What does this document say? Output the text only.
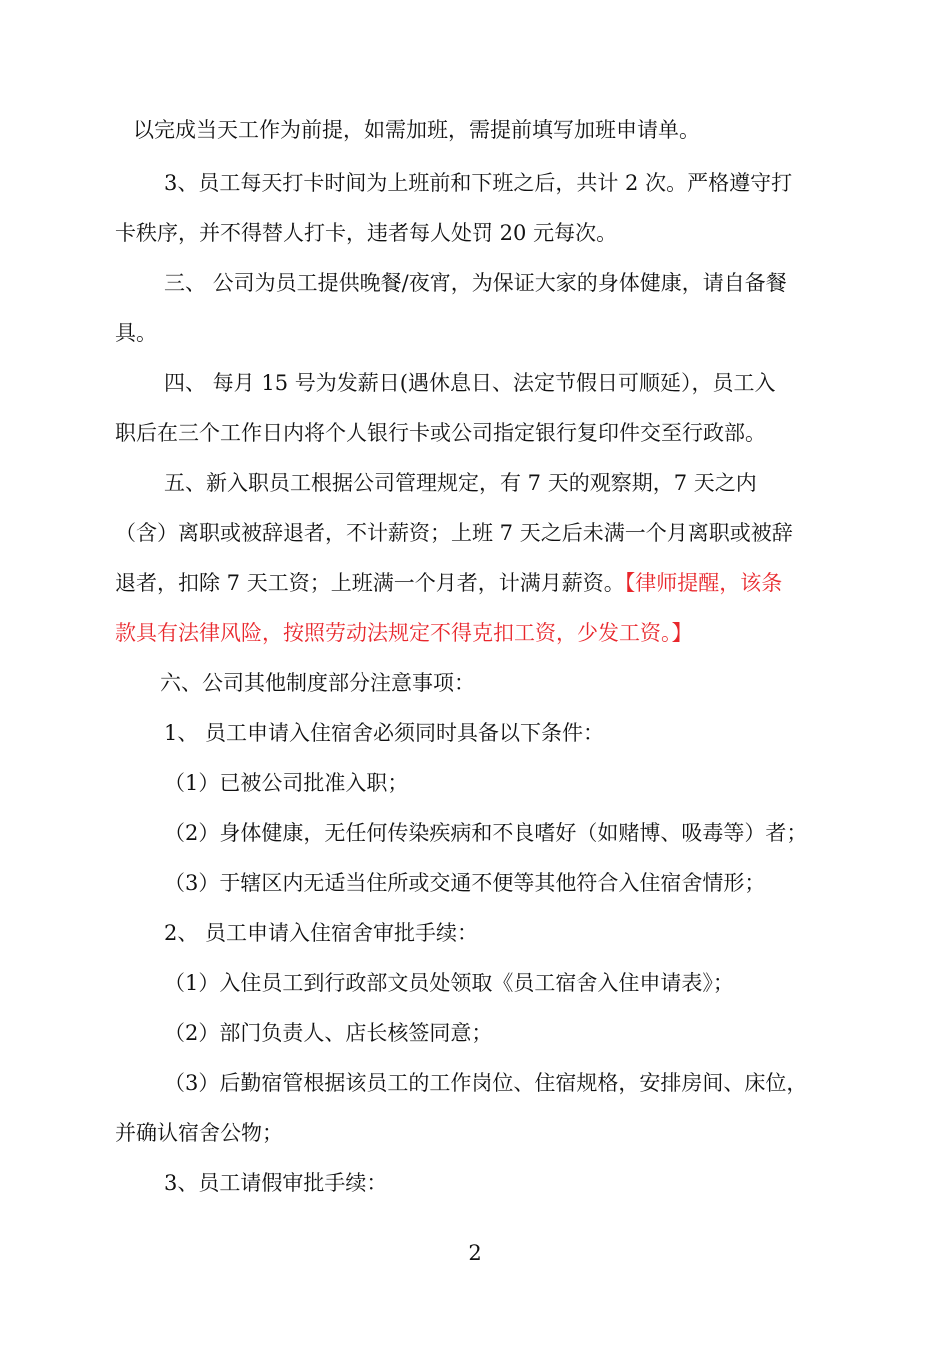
以完成当天工作为前提，如需加班，需提前填写加班申请单。
3、员工每天打卡时间为上班前和下班之后，共计 2 次。严格遵守打
卡秩序，并不得替人打卡，违者每人处罚 20 元每次。
三、 公司为员工提供晚餐/夜宵，为保证大家的身体健康，请自备餐
具。
四、 每月 15 号为发薪日(遇休息日、法定节假日可顺延），员工入
职后在三个工作日内将个人银行卡或公司指定银行复印件交至行政部。
五、新入职员工根据公司管理规定，有 7 天的观察期，7 天之内
（含）离职或被辞退者，不计薪资；上班 7 天之后未满一个月离职或被辞
退者，扣除 7 天工资；上班满一个月者，计满月薪资。【律师提醒，该条
款具有法律风险，按照劳动法规定不得克扣工资，少发工资。】
六、公司其他制度部分注意事项：
1、 员工申请入住宿舍必须同时具备以下条件：
（1）已被公司批准入职；
（2）身体健康，无任何传染疾病和不良嗜好（如赌博、吸毒等）者；
（3）于辖区内无适当住所或交通不便等其他符合入住宿舍情形；
2、 员工申请入住宿舍审批手续：
（1）入住员工到行政部文员处领取《员工宿舍入住申请表》；
（2）部门负责人、店长核签同意；
（3）后勤宿管根据该员工的工作岗位、住宿规格，安排房间、床位，
并确认宿舍公物；
3、员工请假审批手续：
2
